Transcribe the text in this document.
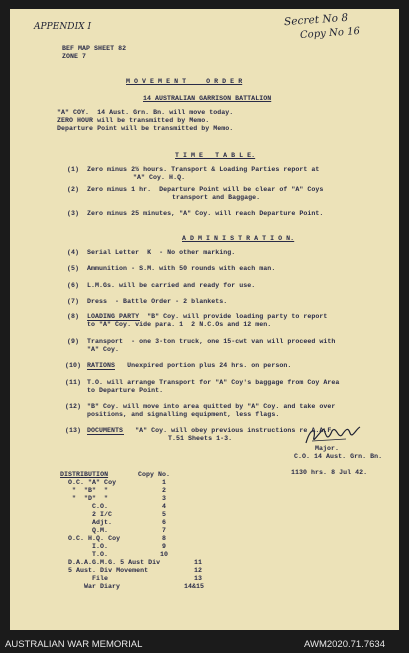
APPENDIX I	Secret No 8
Copy No 16
BEF MAP SHEET 82
ZONE 7
M O V E M E N T     O R D E R
14 AUSTRALIAN GARRISON BATTALION
"A" COY.  14 Aust. Grn. Bn. will move today.
ZERO HOUR will be transmitted by Memo.
Departure Point will be transmitted by Memo.
T I M E   T A B L E.
(1) Zero minus 2½ hours. Transport & Loading Parties report at
"A" Coy. H.Q.
(2) Zero minus 1 hr.  Departure Point will be clear of "A" Coys
transport and Baggage.
(3) Zero minus 25 minutes, "A" Coy. will reach Departure Point.
A D M I N I S T R A T I O N.
(4) Serial Letter  K  - No other marking.
(5) Ammunition - S.M. with 50 rounds with each man.
(6) L.M.Gs. will be carried and ready for use.
(7) Dress  - Battle Order - 2 blankets.
(8) LOADING PARTY  "B" Coy. will provide loading party to report
to "A" Coy. vide para. 1  2 N.C.Os and 12 men.
(9) Transport  - one 3-ton truck, one 15-cwt van will proceed with
"A" Coy.
(10) RATIONS   Unexpired portion plus 24 hrs. on person.
(11) T.O. will arrange Transport for "A" Coy's baggage from Coy Area
to Departure Point.
(12) "B" Coy. will move into area quitted by "A" Coy. and take over
positions, and signalling equipment, less flags.
(13) DOCUMENTS   "A" Coy. will obey previous instructions re A.A.F
T.51 Sheets 1-3.
Major.
C.O. 14 Aust. Grn. Bn.
1130 hrs. 8 Jul 42.
DISTRIBUTION	Copy No.
O.C. "A" Coy	1
"  "B"  "	2
"  "D"  "	3
C.O.	4
2 I/C	5
Adjt.	6
Q.M.	7
O.C. H.Q. Coy	8
I.O.	9
T.O.	10
D.A.A.G.M.G. 5 Aust Div	11
5 Aust. Div Movement	12
File	13
War Diary	14&15
AUSTRALIAN WAR MEMORIAL	AWM2020.71.7634
